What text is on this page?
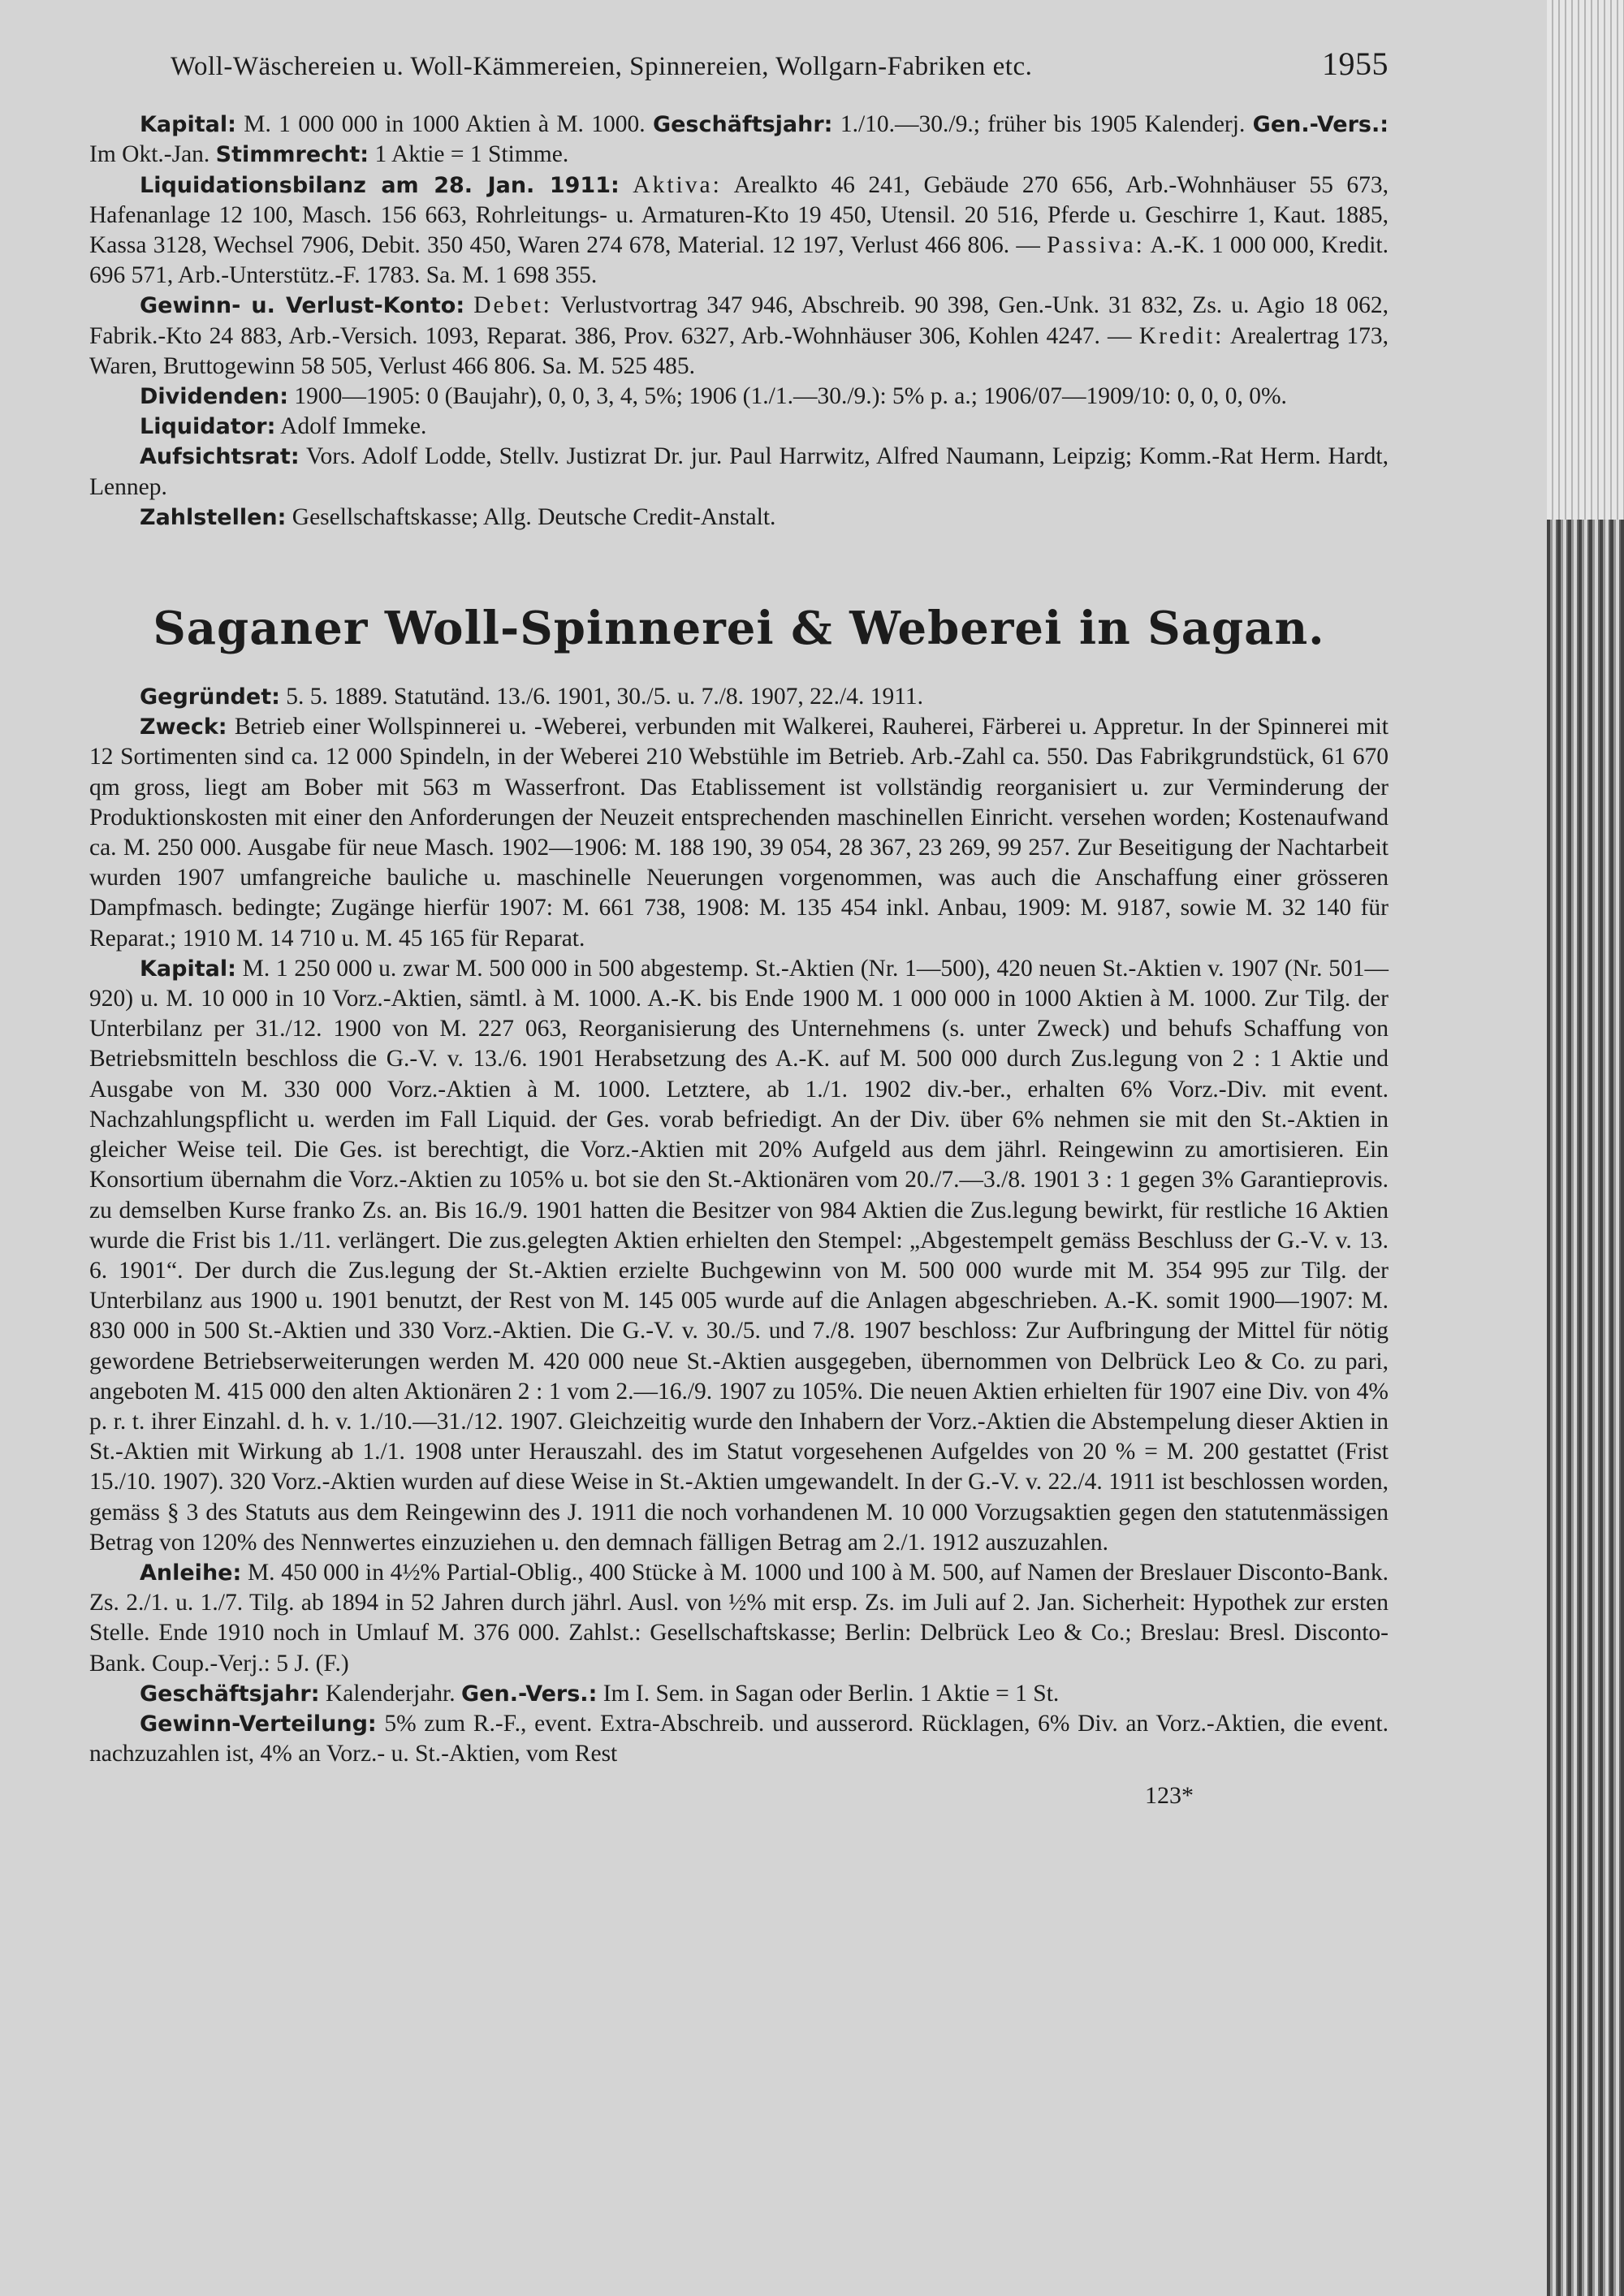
Woll-Wäschereien u. Woll-Kämmereien, Spinnereien, Wollgarn-Fabriken etc.	1955

Kapital: M. 1 000 000 in 1000 Aktien à M. 1000. Geschäftsjahr: 1./10.—30./9.; früher bis 1905 Kalenderj. Gen.-Vers.: Im Okt.-Jan. Stimmrecht: 1 Aktie = 1 Stimme.

Liquidationsbilanz am 28. Jan. 1911: Aktiva: Arealkto 46 241, Gebäude 270 656, Arb.-Wohnhäuser 55 673, Hafenanlage 12 100, Masch. 156 663, Rohrleitungs- u. Armaturen-Kto 19 450, Utensil. 20 516, Pferde u. Geschirre 1, Kaut. 1885, Kassa 3128, Wechsel 7906, Debit. 350 450, Waren 274 678, Material. 12 197, Verlust 466 806. — Passiva: A.-K. 1 000 000, Kredit. 696 571, Arb.-Unterstütz.-F. 1783. Sa. M. 1 698 355.

Gewinn- u. Verlust-Konto: Debet: Verlustvortrag 347 946, Abschreib. 90 398, Gen.-Unk. 31 832, Zs. u. Agio 18 062, Fabrik.-Kto 24 883, Arb.-Versich. 1093, Reparat. 386, Prov. 6327, Arb.-Wohnhäuser 306, Kohlen 4247. — Kredit: Arealertrag 173, Waren, Bruttogewinn 58 505, Verlust 466 806. Sa. M. 525 485.

Dividenden: 1900—1905: 0 (Baujahr), 0, 0, 3, 4, 5%; 1906 (1./1.—30./9.): 5% p. a.; 1906/07—1909/10: 0, 0, 0, 0%.

Liquidator: Adolf Immeke.

Aufsichtsrat: Vors. Adolf Lodde, Stellv. Justizrat Dr. jur. Paul Harrwitz, Alfred Naumann, Leipzig; Komm.-Rat Herm. Hardt, Lennep.

Zahlstellen: Gesellschaftskasse; Allg. Deutsche Credit-Anstalt.

Saganer Woll-Spinnerei & Weberei in Sagan.

Gegründet: 5. 5. 1889. Statutänd. 13./6. 1901, 30./5. u. 7./8. 1907, 22./4. 1911.

Zweck: Betrieb einer Wollspinnerei u. -Weberei, verbunden mit Walkerei, Rauherei, Färberei u. Appretur. In der Spinnerei mit 12 Sortimenten sind ca. 12 000 Spindeln, in der Weberei 210 Webstühle im Betrieb. Arb.-Zahl ca. 550. Das Fabrikgrundstück, 61 670 qm gross, liegt am Bober mit 563 m Wasserfront. Das Etablissement ist vollständig reorganisiert u. zur Verminderung der Produktionskosten mit einer den Anforderungen der Neuzeit entsprechenden maschinellen Einricht. versehen worden; Kostenaufwand ca. M. 250 000. Ausgabe für neue Masch. 1902—1906: M. 188 190, 39 054, 28 367, 23 269, 99 257. Zur Beseitigung der Nachtarbeit wurden 1907 umfangreiche bauliche u. maschinelle Neuerungen vorgenommen, was auch die Anschaffung einer grösseren Dampfmasch. bedingte; Zugänge hierfür 1907: M. 661 738, 1908: M. 135 454 inkl. Anbau, 1909: M. 9187, sowie M. 32 140 für Reparat.; 1910 M. 14 710 u. M. 45 165 für Reparat.

Kapital: M. 1 250 000 u. zwar M. 500 000 in 500 abgestemp. St.-Aktien (Nr. 1—500), 420 neuen St.-Aktien v. 1907 (Nr. 501—920) u. M. 10 000 in 10 Vorz.-Aktien, sämtl. à M. 1000. A.-K. bis Ende 1900 M. 1 000 000 in 1000 Aktien à M. 1000. Zur Tilg. der Unterbilanz per 31./12. 1900 von M. 227 063, Reorganisierung des Unternehmens (s. unter Zweck) und behufs Schaffung von Betriebsmitteln beschloss die G.-V. v. 13./6. 1901 Herabsetzung des A.-K. auf M. 500 000 durch Zus.legung von 2 : 1 Aktie und Ausgabe von M. 330 000 Vorz.-Aktien à M. 1000. Letztere, ab 1./1. 1902 div.-ber., erhalten 6% Vorz.-Div. mit event. Nachzahlungspflicht u. werden im Fall Liquid. der Ges. vorab befriedigt. An der Div. über 6% nehmen sie mit den St.-Aktien in gleicher Weise teil. Die Ges. ist berechtigt, die Vorz.-Aktien mit 20% Aufgeld aus dem jährl. Reingewinn zu amortisieren. Ein Konsortium übernahm die Vorz.-Aktien zu 105% u. bot sie den St.-Aktionären vom 20./7.—3./8. 1901 3 : 1 gegen 3% Garantieprovis. zu demselben Kurse franko Zs. an. Bis 16./9. 1901 hatten die Besitzer von 984 Aktien die Zus.legung bewirkt, für restliche 16 Aktien wurde die Frist bis 1./11. verlängert. Die zus.gelegten Aktien erhielten den Stempel: „Abgestempelt gemäss Beschluss der G.-V. v. 13. 6. 1901“. Der durch die Zus.legung der St.-Aktien erzielte Buchgewinn von M. 500 000 wurde mit M. 354 995 zur Tilg. der Unterbilanz aus 1900 u. 1901 benutzt, der Rest von M. 145 005 wurde auf die Anlagen abgeschrieben. A.-K. somit 1900—1907: M. 830 000 in 500 St.-Aktien und 330 Vorz.-Aktien. Die G.-V. v. 30./5. und 7./8. 1907 beschloss: Zur Aufbringung der Mittel für nötig gewordene Betriebserweiterungen werden M. 420 000 neue St.-Aktien ausgegeben, übernommen von Delbrück Leo & Co. zu pari, angeboten M. 415 000 den alten Aktionären 2 : 1 vom 2.—16./9. 1907 zu 105%. Die neuen Aktien erhielten für 1907 eine Div. von 4% p. r. t. ihrer Einzahl. d. h. v. 1./10.—31./12. 1907. Gleichzeitig wurde den Inhabern der Vorz.-Aktien die Abstempelung dieser Aktien in St.-Aktien mit Wirkung ab 1./1. 1908 unter Herauszahl. des im Statut vorgesehenen Aufgeldes von 20 % = M. 200 gestattet (Frist 15./10. 1907). 320 Vorz.-Aktien wurden auf diese Weise in St.-Aktien umgewandelt. In der G.-V. v. 22./4. 1911 ist beschlossen worden, gemäss § 3 des Statuts aus dem Reingewinn des J. 1911 die noch vorhandenen M. 10 000 Vorzugsaktien gegen den statutenmässigen Betrag von 120% des Nennwertes einzuziehen u. den demnach fälligen Betrag am 2./1. 1912 auszuzahlen.

Anleihe: M. 450 000 in 4½% Partial-Oblig., 400 Stücke à M. 1000 und 100 à M. 500, auf Namen der Breslauer Disconto-Bank. Zs. 2./1. u. 1./7. Tilg. ab 1894 in 52 Jahren durch jährl. Ausl. von ½% mit ersp. Zs. im Juli auf 2. Jan. Sicherheit: Hypothek zur ersten Stelle. Ende 1910 noch in Umlauf M. 376 000. Zahlst.: Gesellschaftskasse; Berlin: Delbrück Leo & Co.; Breslau: Bresl. Disconto-Bank. Coup.-Verj.: 5 J. (F.)

Geschäftsjahr: Kalenderjahr. Gen.-Vers.: Im I. Sem. in Sagan oder Berlin. 1 Aktie = 1 St.

Gewinn-Verteilung: 5% zum R.-F., event. Extra-Abschreib. und ausserord. Rücklagen, 6% Div. an Vorz.-Aktien, die event. nachzuzahlen ist, 4% an Vorz.- u. St.-Aktien, vom Rest

123*
